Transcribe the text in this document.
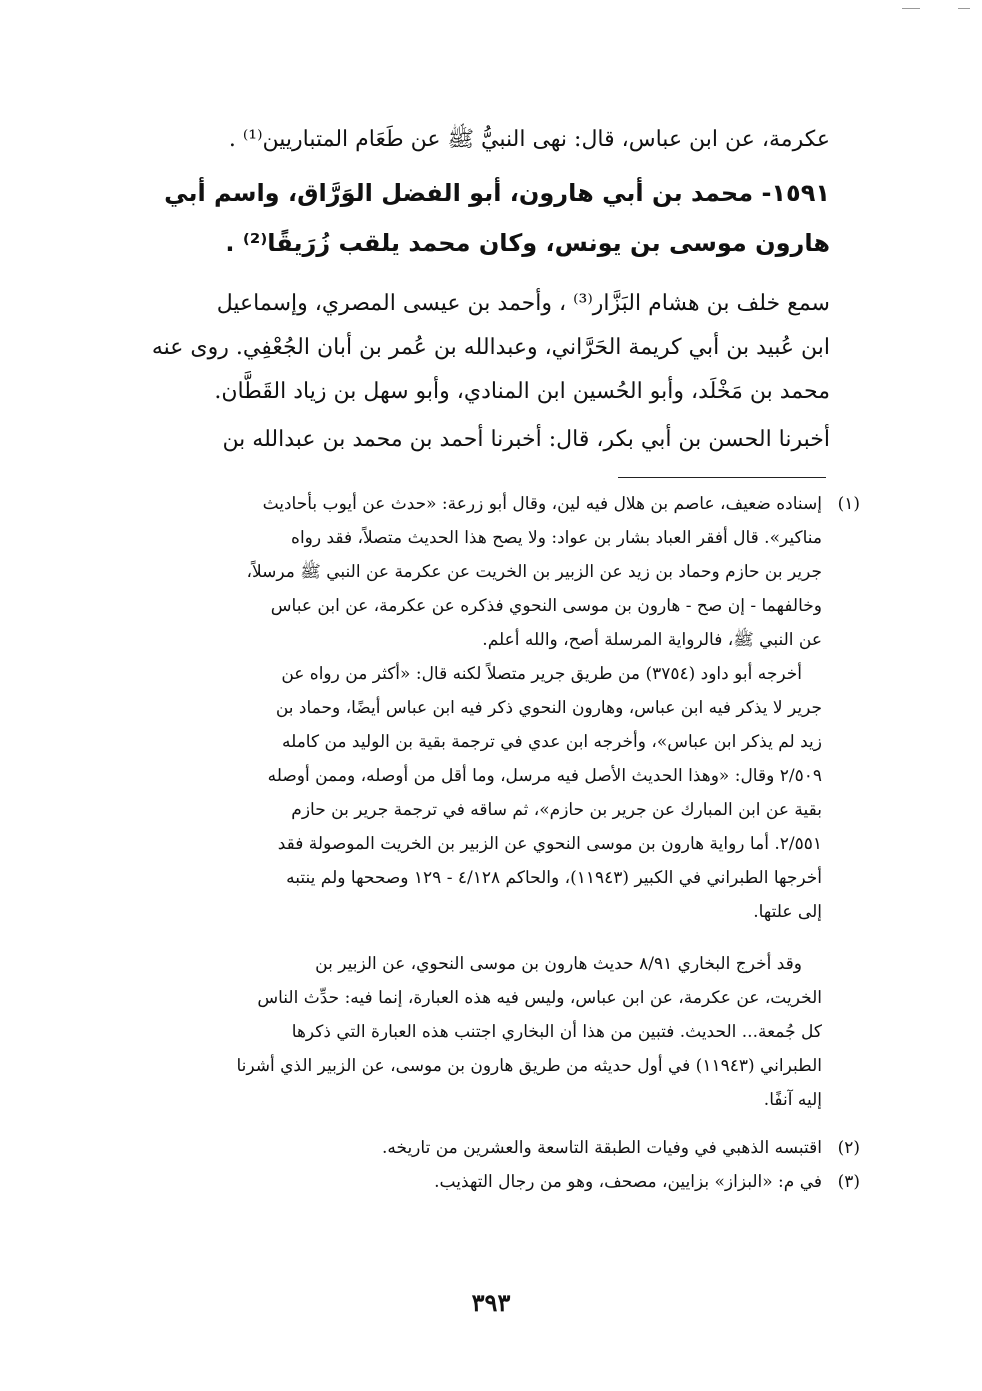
عكرمة، عن ابن عباس، قال: نهى النبيُّ ﷺ عن طَعَام المتباريين⁽¹⁾ .
١٥٩١- محمد بن أبي هارون، أبو الفضل الوَرَّاق، واسم أبي
هارون موسى بن يونس، وكان محمد يلقب زُرَيقًا⁽²⁾ .
سمع خلف بن هشام البَزَّار⁽³⁾ ، وأحمد بن عيسى المصري، وإسماعيل
ابن عُبيد بن أبي كريمة الحَرَّاني، وعبدالله بن عُمر بن أبان الجُعْفِي. روى عنه
محمد بن مَخْلَد، وأبو الحُسين ابن المنادي، وأبو سهل بن زياد القَطَّان.
أخبرنا الحسن بن أبي بكر، قال: أخبرنا أحمد بن محمد بن عبدالله بن
(١)إسناده ضعيف، عاصم بن هلال فيه لين، وقال أبو زرعة: «حدث عن أيوب بأحاديث
مناكير». قال أفقر العباد بشار بن عواد: ولا يصح هذا الحديث متصلاً، فقد رواه
جرير بن حازم وحماد بن زيد عن الزبير بن الخريت عن عكرمة عن النبي ﷺ مرسلاً،
وخالفهما - إن صح - هارون بن موسى النحوي فذكره عن عكرمة، عن ابن عباس
عن النبي ﷺ، فالرواية المرسلة أصح، والله أعلم.
أخرجه أبو داود (٣٧٥٤) من طريق جرير متصلاً لكنه قال: «أكثر من رواه عن
جرير لا يذكر فيه ابن عباس، وهارون النحوي ذكر فيه ابن عباس أيضًا، وحماد بن
زيد لم يذكر ابن عباس»، وأخرجه ابن عدي في ترجمة بقية بن الوليد من كامله
٢/٥٠٩ وقال: «وهذا الحديث الأصل فيه مرسل، وما أقل من أوصله، وممن أوصله
بقية عن ابن المبارك عن جرير بن حازم»، ثم ساقه في ترجمة جرير بن حازم
٢/٥٥١. أما رواية هارون بن موسى النحوي عن الزبير بن الخريت الموصولة فقد
أخرجها الطبراني في الكبير (١١٩٤٣)، والحاكم ٤/١٢٨ - ١٢٩ وصححها ولم ينتبه
إلى علتها.
وقد أخرج البخاري ٨/٩١ حديث هارون بن موسى النحوي، عن الزبير بن
الخريت، عن عكرمة، عن ابن عباس، وليس فيه هذه العبارة، إنما فيه: حدِّث الناس
كل جُمعة... الحديث. فتبين من هذا أن البخاري اجتنب هذه العبارة التي ذكرها
الطبراني (١١٩٤٣) في أول حديثه من طريق هارون بن موسى، عن الزبير الذي أشرنا
إليه آنفًا.
(٢)اقتبسه الذهبي في وفيات الطبقة التاسعة والعشرين من تاريخه.
(٣)في م: «البزاز» بزايين، مصحف، وهو من رجال التهذيب.
٣٩٣
